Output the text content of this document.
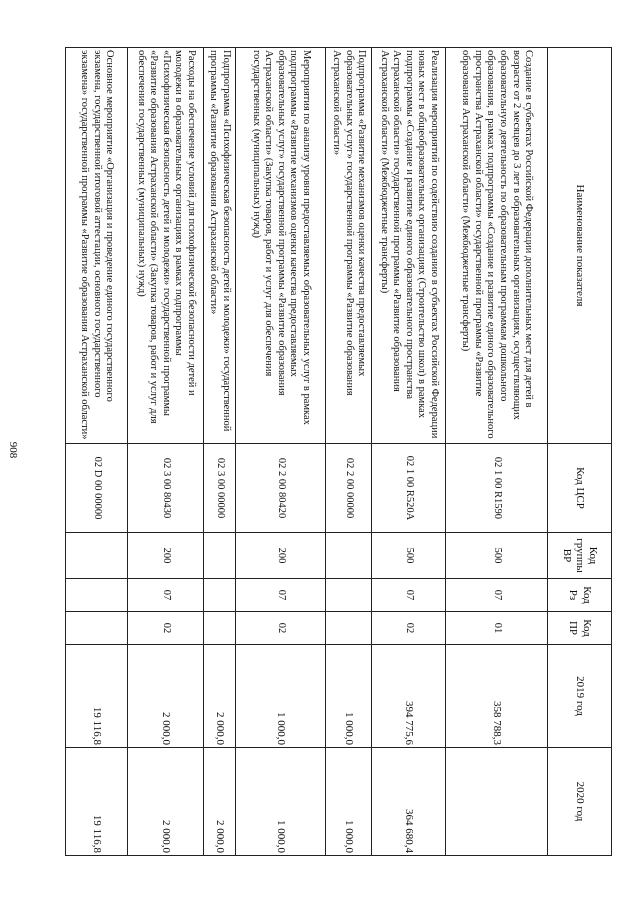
908
Наименование показателя	Код ЦСР	Код группы ВР	Код Рз	Код ПР	2019 год	2020 год
Создание в субъектах Российской Федерации дополнительных мест для детей в возрасте от 2 месяцев до 3 лет в образовательных организациях, осуществляющих образовательную деятельность по образовательным программам дошкольного образования, в рамках подпрограммы «Создание и развитие единого образовательного пространства Астраханской области» государственной программы «Развитие образования Астраханской области» (Межбюджетные трансферты)	02 1 00 R1590	500	07	01	358 788,3	
Реализация мероприятий по содействию созданию в субъектах Российской Федерации новых мест в общеобразовательных организациях (Строительство школ) в рамках подпрограммы «Создание и развитие единого образовательного пространства Астраханской области» государственной программы «Развитие образования Астраханской области» (Межбюджетные трансферты)	02 1 00 R520A	500	07	02	394 775,6	364 680,4
Подпрограмма «Развитие механизмов оценки качества предоставляемых образовательных услуг» государственной программы «Развитие образования Астраханской области»	02 2 00 00000				1 000,0	1 000,0
Мероприятия по анализу уровня предоставляемых образовательных услуг в рамках подпрограммы «Развитие механизмов оценки качества предоставляемых образовательных услуг» государственной программы «Развитие образования Астраханской области» (Закупка товаров, работ и услуг для обеспечения государственных (муниципальных) нужд)	02 2 00 80420	200	07	02	1 000,0	1 000,0
Подпрограмма «Психофизическая безопасность детей и молодежи» государственной программы «Развитие образования Астраханской области»	02 3 00 00000				2 000,0	2 000,0
Расходы на обеспечение условий для психофизической безопасности детей и молодежи в образовательных организациях в рамках подпрограммы «Психофизическая безопасность детей и молодежи» государственной программы «Развитие образования Астраханской области» (Закупка товаров, работ и услуг для обеспечения государственных (муниципальных) нужд)	02 3 00 80430	200	07	02	2 000,0	2 000,0
Основное мероприятие «Организация и проведение единого государственного экзамена, государственной итоговой аттестации, основного государственного экзамена» государственной программы «Развитие образования Астраханской области»	02 D 00 00000				19 116,8	19 116,8
